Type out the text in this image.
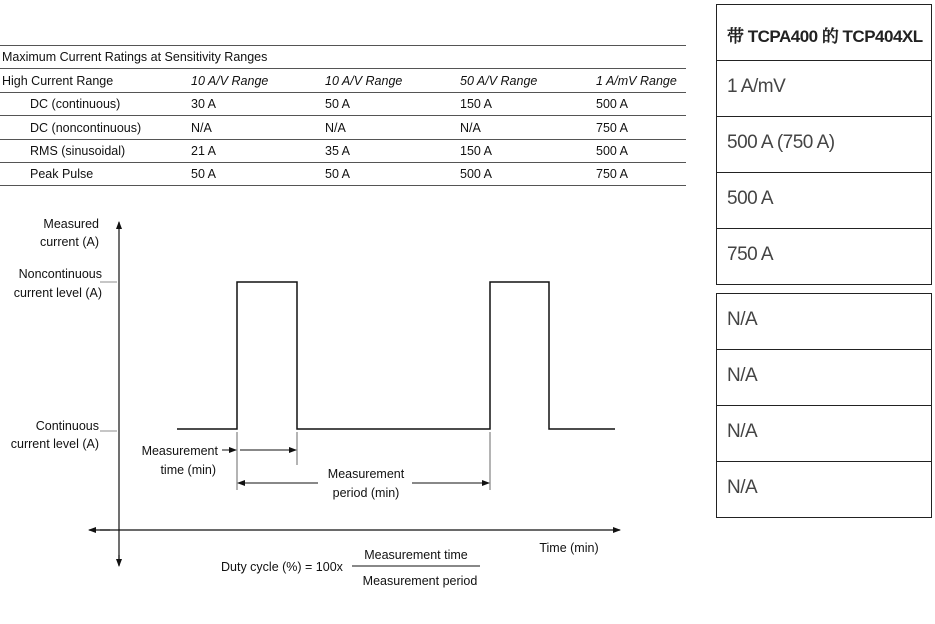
Maximum Current Ratings at Sensitivity Ranges
High Current Range	10 A/V Range	10 A/V Range	50 A/V Range	1 A/mV Range
DC (continuous)	30 A	50 A	150 A	500 A
DC (noncontinuous)	N/A	N/A	N/A	750 A
RMS (sinusoidal)	21 A	35 A	150 A	500 A
Peak Pulse	50 A	50 A	500 A	750 A
带 TCPA400 的 TCP404XL
1 A/mV
500 A (750 A)
500 A
750 A
N/A
N/A
N/A
N/A
Measured
current (A)
Noncontinuous
current level (A)
Continuous
current level (A)	Measurement
time (min)	Measurement
period (min)
Time (min)
Duty cycle (%) = 100x
Measurement time
Measurement period
